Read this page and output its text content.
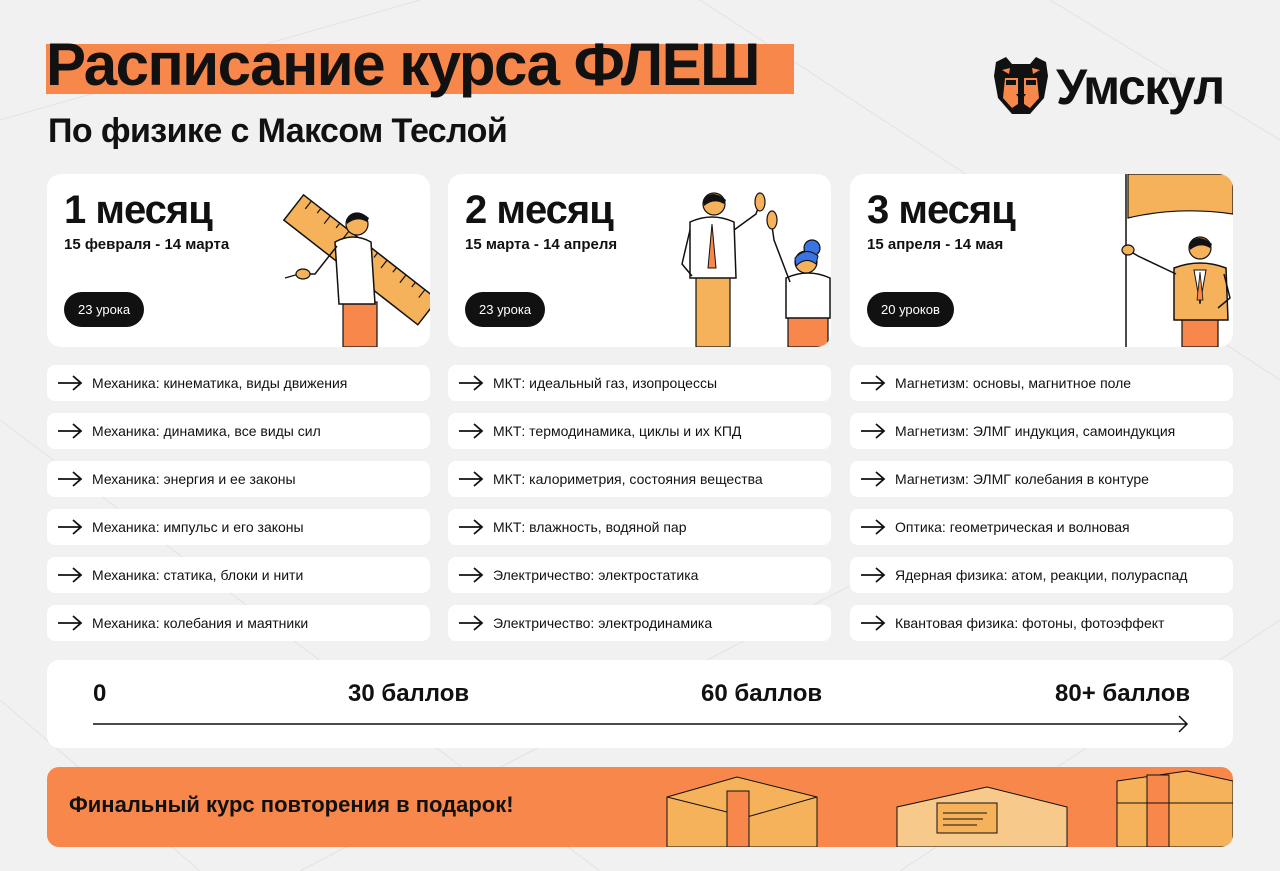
Расписание курса ФЛЕШ
По физике с Максом Теслой
Умскул
1 месяц
15 февраля - 14 марта
23 урока
2 месяц
15 марта - 14 апреля
23 урока
3 месяц
15 апреля - 14 мая
20 уроков
Механика: кинематика, виды движения
Механика: динамика, все виды сил
Механика: энергия и ее законы
Механика: импульс и его законы
Механика: статика, блоки и нити
Механика: колебания и маятники
МКТ: идеальный газ, изопроцессы
МКТ: термодинамика, циклы и их КПД
МКТ: калориметрия, состояния вещества
МКТ: влажность, водяной пар
Электричество: электростатика
Электричество: электродинамика
Магнетизм: основы, магнитное поле
Магнетизм: ЭЛМГ индукция, самоиндукция
Магнетизм: ЭЛМГ колебания в контуре
Оптика: геометрическая и волновая
Ядерная физика: атом, реакции, полураспад
Квантовая физика: фотоны, фотоэффект
0	30 баллов	60 баллов	80+ баллов
Финальный курс повторения в подарок!
